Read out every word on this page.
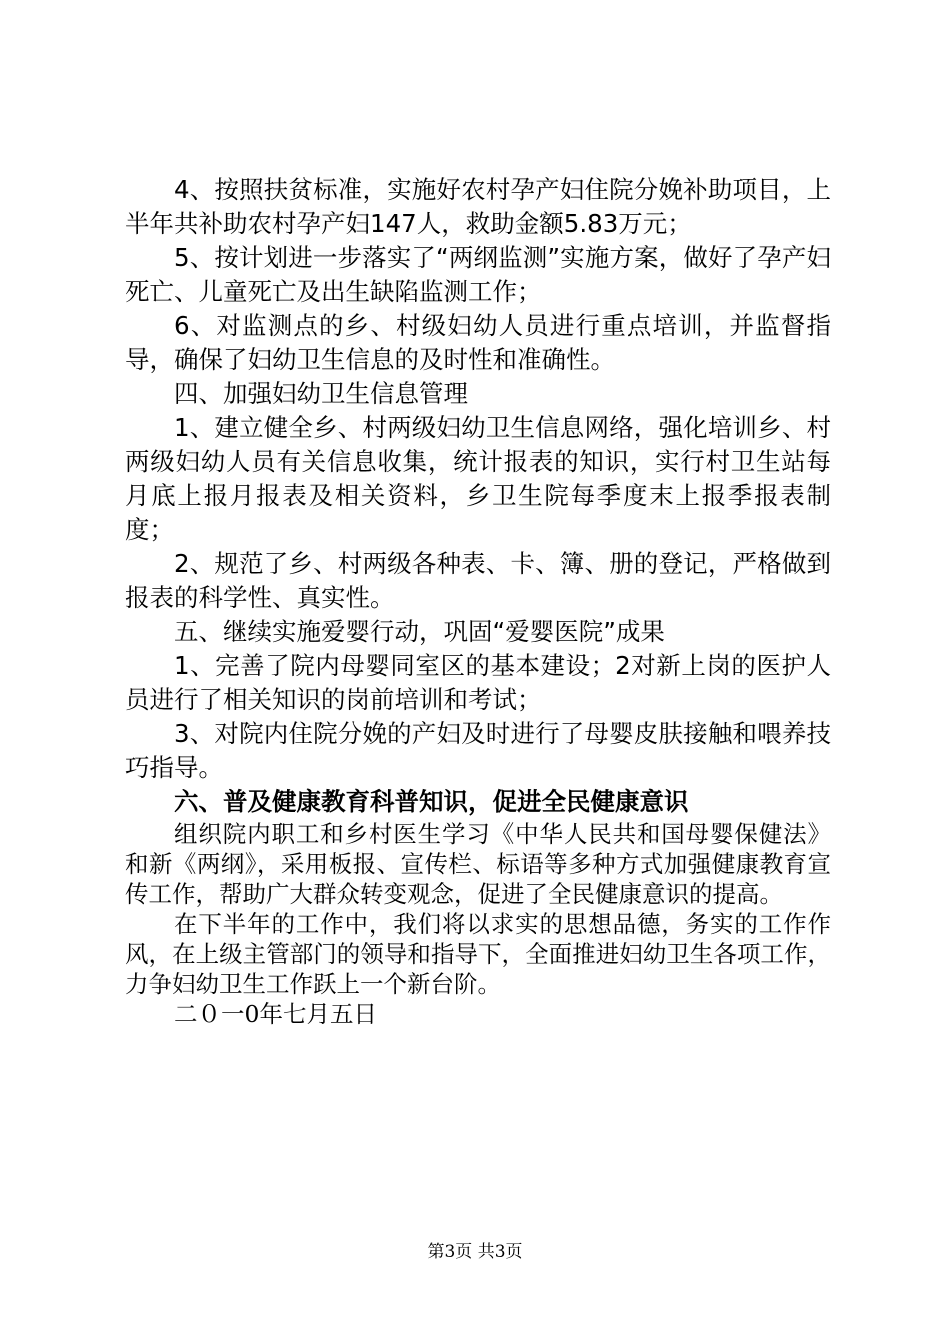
4、按照扶贫标准，实施好农村孕产妇住院分娩补助项目，上半年共补助农村孕产妇147人，救助金额5.83万元；

5、按计划进一步落实了“两纲监测”实施方案，做好了孕产妇死亡、儿童死亡及出生缺陷监测工作；

6、对监测点的乡、村级妇幼人员进行重点培训，并监督指导，确保了妇幼卫生信息的及时性和准确性。

四、加强妇幼卫生信息管理

1、建立健全乡、村两级妇幼卫生信息网络，强化培训乡、村两级妇幼人员有关信息收集，统计报表的知识，实行村卫生站每月底上报月报表及相关资料，乡卫生院每季度末上报季报表制度；

2、规范了乡、村两级各种表、卡、簿、册的登记，严格做到报表的科学性、真实性。

五、继续实施爱婴行动，巩固“爱婴医院”成果

1、完善了院内母婴同室区的基本建设；2对新上岗的医护人员进行了相关知识的岗前培训和考试；

3、对院内住院分娩的产妇及时进行了母婴皮肤接触和喂养技巧指导。

六、普及健康教育科普知识，促进全民健康意识

组织院内职工和乡村医生学习《中华人民共和国母婴保健法》和新《两纲》，采用板报、宣传栏、标语等多种方式加强健康教育宣传工作，帮助广大群众转变观念，促进了全民健康意识的提高。

在下半年的工作中，我们将以求实的思想品德，务实的工作作风，在上级主管部门的领导和指导下，全面推进妇幼卫生各项工作，力争妇幼卫生工作跃上一个新台阶。

二０一0年七月五日

第3页 共3页
